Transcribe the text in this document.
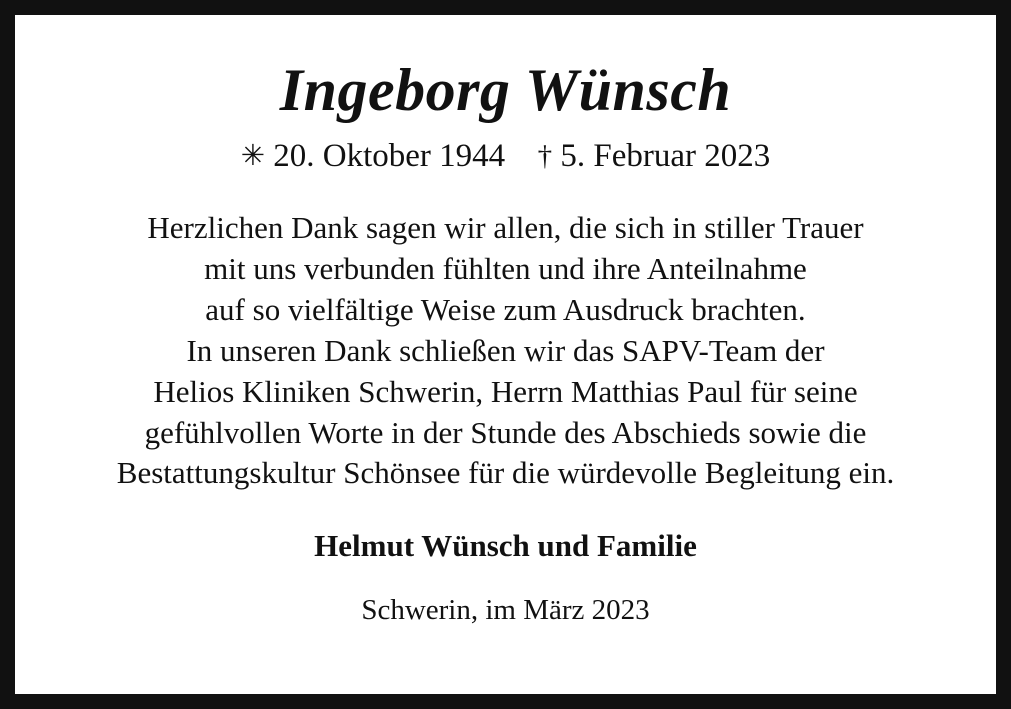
Ingeborg Wünsch
✳ 20. Oktober 1944 † 5. Februar 2023
Herzlichen Dank sagen wir allen, die sich in stiller Trauer
mit uns verbunden fühlten und ihre Anteilnahme
auf so vielfältige Weise zum Ausdruck brachten.
In unseren Dank schließen wir das SAPV-Team der
Helios Kliniken Schwerin, Herrn Matthias Paul für seine
gefühlvollen Worte in der Stunde des Abschieds sowie die
Bestattungskultur Schönsee für die würdevolle Begleitung ein.
Helmut Wünsch und Familie
Schwerin, im März 2023
